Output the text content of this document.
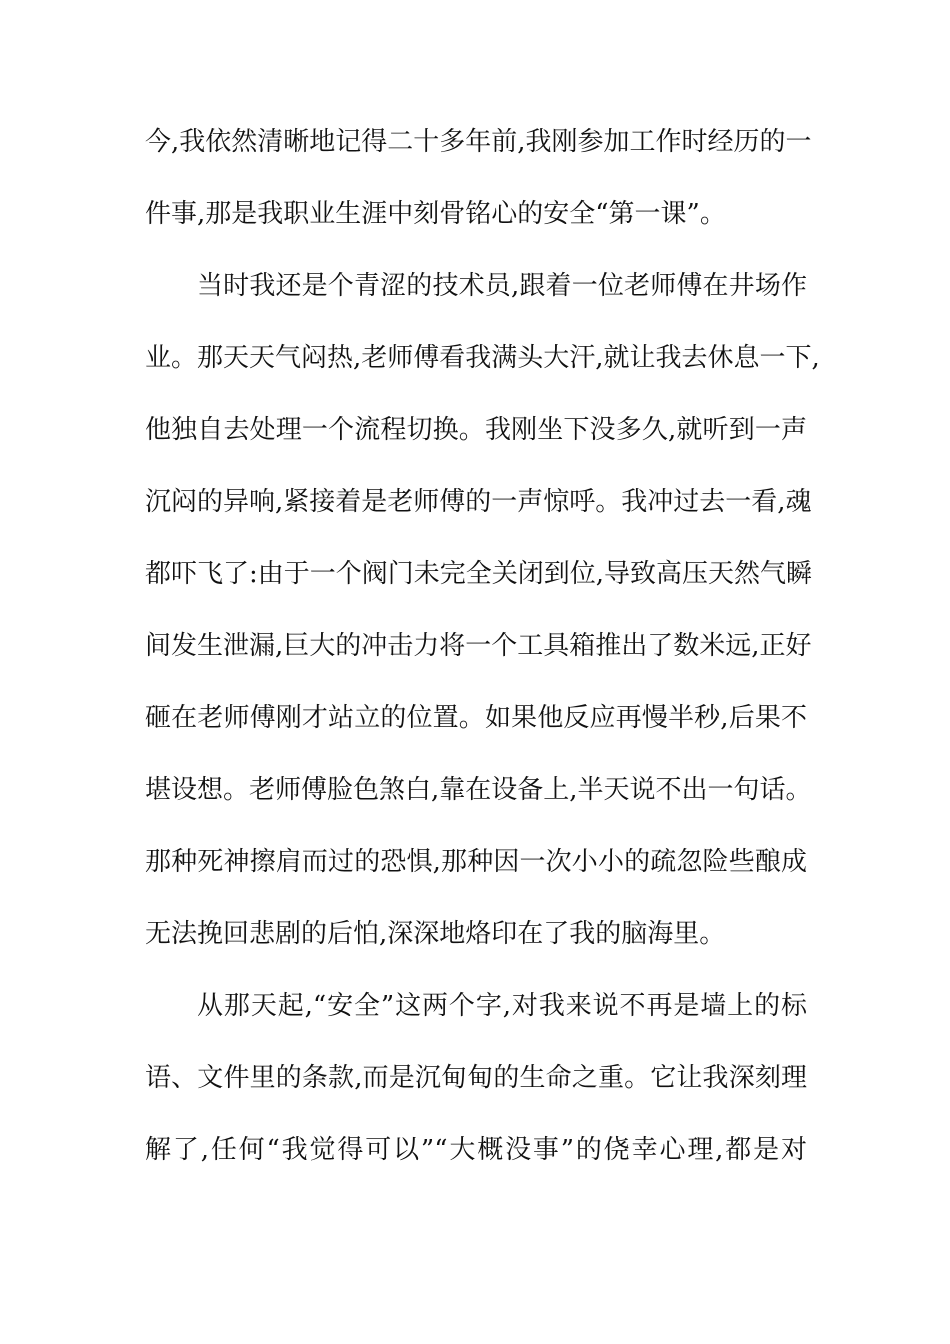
今,我依然清晰地记得二十多年前,我刚参加工作时经历的一
件事,那是我职业生涯中刻骨铭心的安全“第一课”。
当时我还是个青涩的技术员,跟着一位老师傅在井场作
业。那天天气闷热,老师傅看我满头大汗,就让我去休息一下,
他独自去处理一个流程切换。我刚坐下没多久,就听到一声
沉闷的异响,紧接着是老师傅的一声惊呼。我冲过去一看,魂
都吓飞了:由于一个阀门未完全关闭到位,导致高压天然气瞬
间发生泄漏,巨大的冲击力将一个工具箱推出了数米远,正好
砸在老师傅刚才站立的位置。如果他反应再慢半秒,后果不
堪设想。老师傅脸色煞白,靠在设备上,半天说不出一句话。
那种死神擦肩而过的恐惧,那种因一次小小的疏忽险些酿成
无法挽回悲剧的后怕,深深地烙印在了我的脑海里。
从那天起,“安全”这两个字,对我来说不再是墙上的标
语、文件里的条款,而是沉甸甸的生命之重。它让我深刻理
解了,任何“我觉得可以”“大概没事”的侥幸心理,都是对
